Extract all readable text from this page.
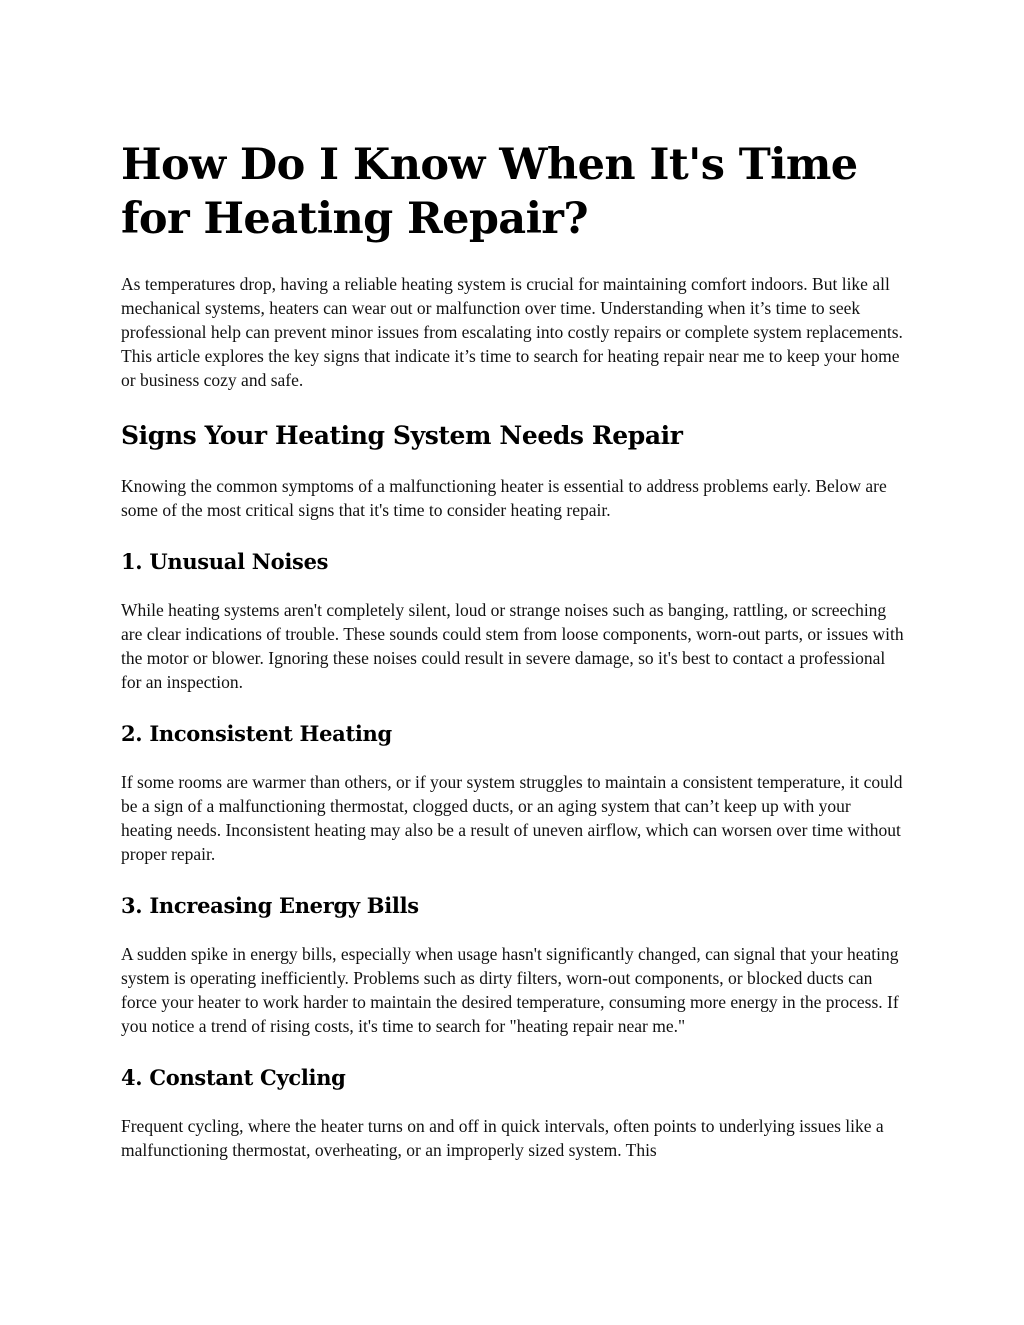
How Do I Know When It's Time for Heating Repair?

As temperatures drop, having a reliable heating system is crucial for maintaining comfort indoors. But like all mechanical systems, heaters can wear out or malfunction over time. Understanding when it’s time to seek professional help can prevent minor issues from escalating into costly repairs or complete system replacements. This article explores the key signs that indicate it’s time to search for heating repair near me to keep your home or business cozy and safe.

Signs Your Heating System Needs Repair

Knowing the common symptoms of a malfunctioning heater is essential to address problems early. Below are some of the most critical signs that it's time to consider heating repair.

1. Unusual Noises

While heating systems aren't completely silent, loud or strange noises such as banging, rattling, or screeching are clear indications of trouble. These sounds could stem from loose components, worn-out parts, or issues with the motor or blower. Ignoring these noises could result in severe damage, so it's best to contact a professional for an inspection.

2. Inconsistent Heating

If some rooms are warmer than others, or if your system struggles to maintain a consistent temperature, it could be a sign of a malfunctioning thermostat, clogged ducts, or an aging system that can’t keep up with your heating needs. Inconsistent heating may also be a result of uneven airflow, which can worsen over time without proper repair.

3. Increasing Energy Bills

A sudden spike in energy bills, especially when usage hasn't significantly changed, can signal that your heating system is operating inefficiently. Problems such as dirty filters, worn-out components, or blocked ducts can force your heater to work harder to maintain the desired temperature, consuming more energy in the process. If you notice a trend of rising costs, it's time to search for "heating repair near me."

4. Constant Cycling

Frequent cycling, where the heater turns on and off in quick intervals, often points to underlying issues like a malfunctioning thermostat, overheating, or an improperly sized system. This
